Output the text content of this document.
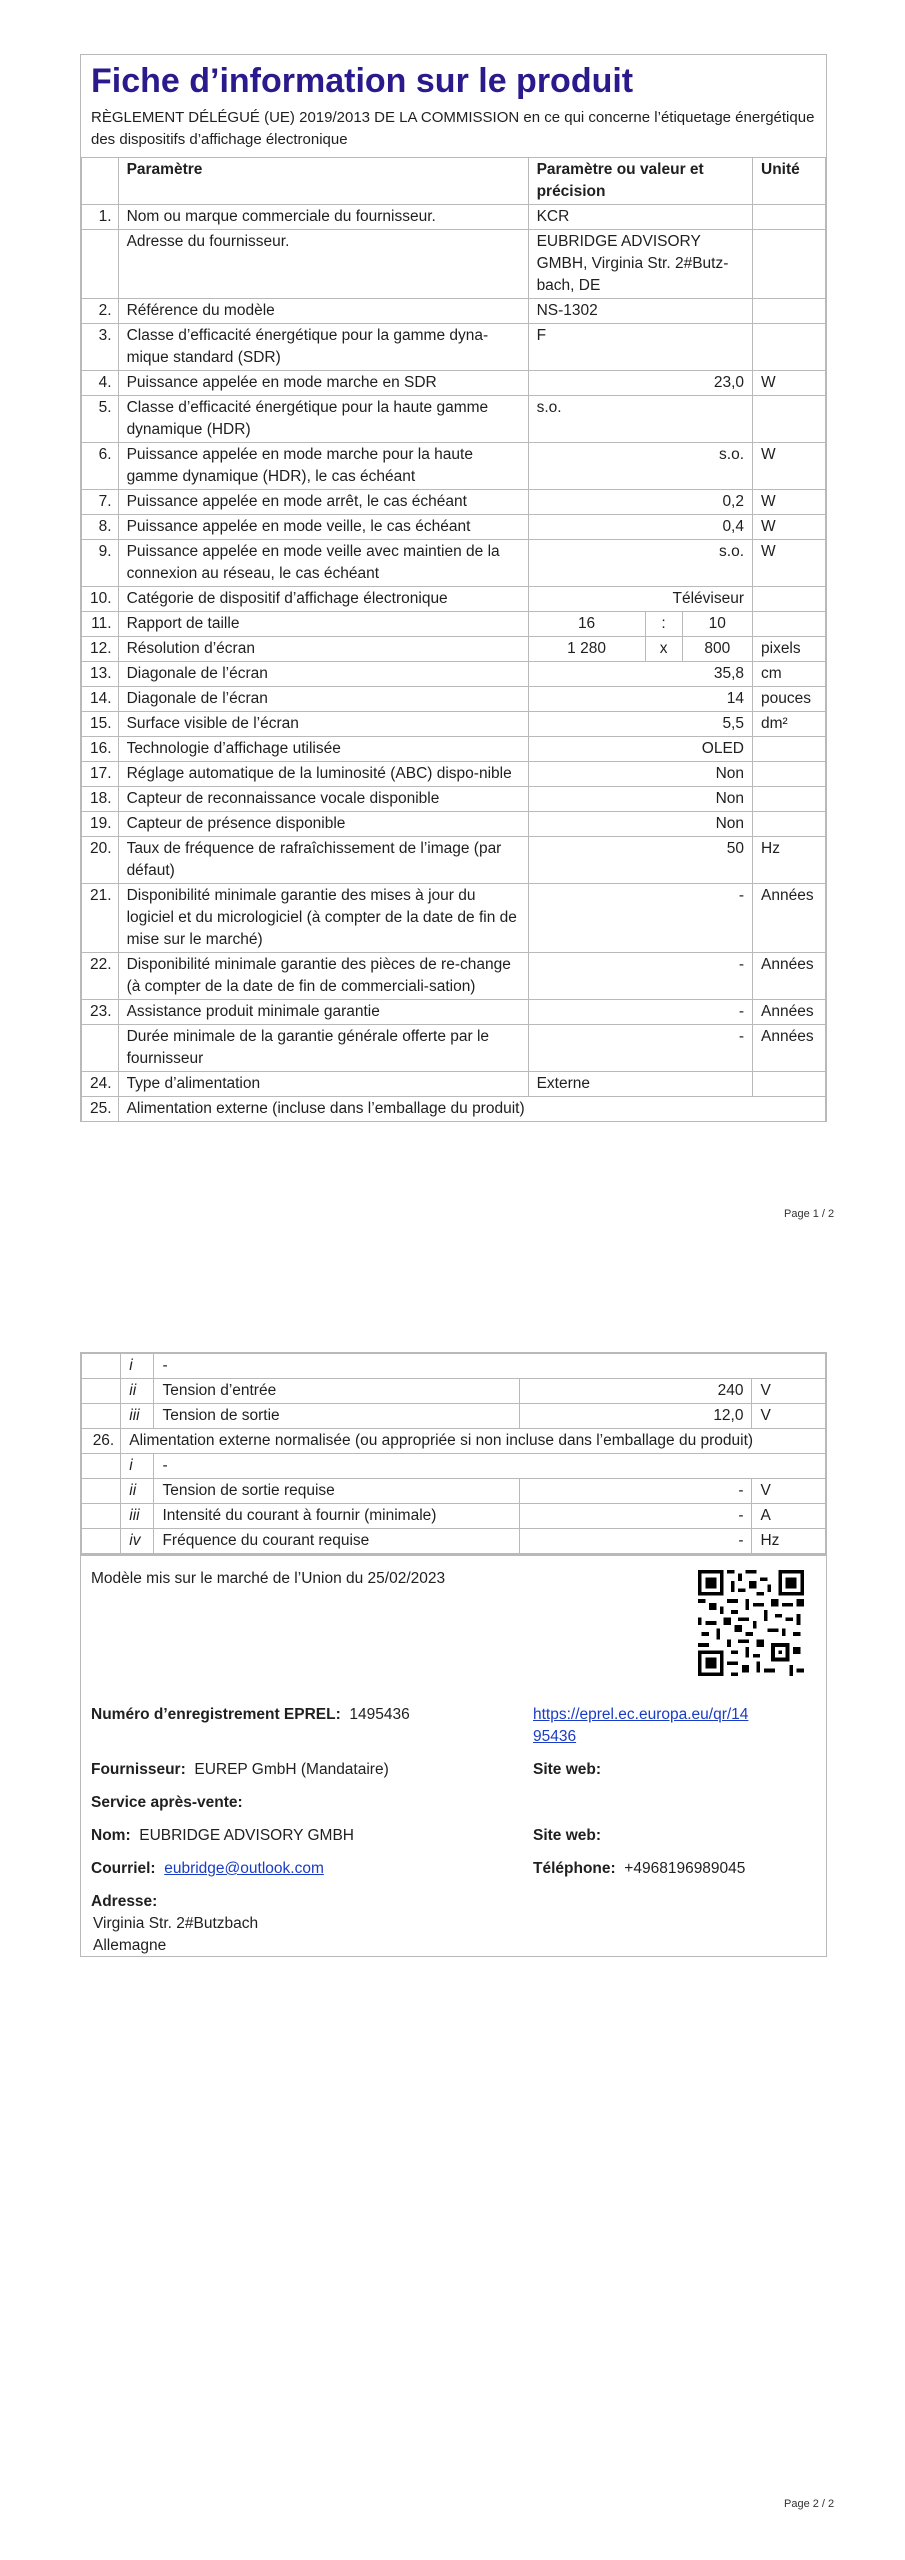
Fiche d’information sur le produit
RÈGLEMENT DÉLÉGUÉ (UE) 2019/2013 DE LA COMMISSION en ce qui concerne l’étiquetage énergétique des dispositifs d’affichage électronique
	Paramètre	Paramètre ou valeur et précision			Unité
1.	Nom ou marque commerciale du fournisseur.	KCR			
	Adresse du fournisseur.	EUBRIDGE ADVISORY GMBH, Virginia Str. 2#Butz-bach, DE			
2.	Référence du modèle	NS-1302			
3.	Classe d’efficacité énergétique pour la gamme dyna-mique standard (SDR)	F			
4.	Puissance appelée en mode marche en SDR	23,0			W
5.	Classe d’efficacité énergétique pour la haute gamme dynamique (HDR)	s.o.			
6.	Puissance appelée en mode marche pour la haute gamme dynamique (HDR), le cas échéant	s.o.			W
7.	Puissance appelée en mode arrêt, le cas échéant	0,2			W
8.	Puissance appelée en mode veille, le cas échéant	0,4			W
9.	Puissance appelée en mode veille avec maintien de la connexion au réseau, le cas échéant	s.o.			W
10.	Catégorie de dispositif d’affichage électronique	Téléviseur			
11.	Rapport de taille	16	:	10	
12.	Résolution d’écran	1 280	x	800	pixels
13.	Diagonale de l’écran	35,8			cm
14.	Diagonale de l’écran	14			pouces
15.	Surface visible de l’écran	5,5			dm²
16.	Technologie d’affichage utilisée	OLED			
17.	Réglage automatique de la luminosité (ABC) dispo-nible	Non			
18.	Capteur de reconnaissance vocale disponible	Non			
19.	Capteur de présence disponible	Non			
20.	Taux de fréquence de rafraîchissement de l’image (par défaut)	50			Hz
21.	Disponibilité minimale garantie des mises à jour du logiciel et du micrologiciel (à compter de la date de fin de mise sur le marché)	-			Années
22.	Disponibilité minimale garantie des pièces de re-change (à compter de la date de fin de commerciali-sation)	-			Années
23.	Assistance produit minimale garantie	-			Années
	Durée minimale de la garantie générale offerte par le fournisseur	-			Années
24.	Type d’alimentation	Externe			
25.	Alimentation externe (incluse dans l’emballage du produit)				
Page 1 / 2
	i	-		
	ii	Tension d’entrée	240	V
	iii	Tension de sortie	12,0	V
26.	Alimentation externe normalisée (ou appropriée si non incluse dans l’emballage du produit)			
	i	-		
	ii	Tension de sortie requise	-	V
	iii	Intensité du courant à fournir (minimale)	-	A
	iv	Fréquence du courant requise	-	Hz
Modèle mis sur le marché de l’Union du 25/02/2023
Numéro d’enregistrement EPREL: 1495436	https://eprel.ec.europa.eu/qr/14
95436
Fournisseur: EUREP GmbH (Mandataire)	Site web:
Service après-vente:
Nom: EUBRIDGE ADVISORY GMBH	Site web:
Courriel: eubridge@outlook.com	Téléphone: +4968196989045
Adresse:
Virginia Str. 2#Butzbach
Allemagne
Page 2 / 2
